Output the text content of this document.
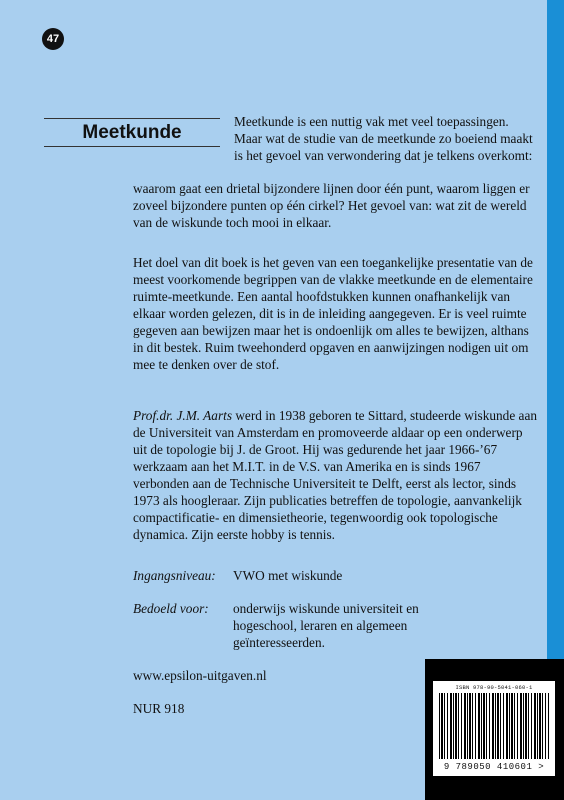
47
Meetkunde

Meetkunde is een nuttig vak met veel toepassingen. Maar wat de studie van de meetkunde zo boeiend maakt is het gevoel van verwondering dat je telkens overkomt:

waarom gaat een drietal bijzondere lijnen door één punt, waarom liggen er zoveel bijzondere punten op één cirkel? Het gevoel van: wat zit de wereld van de wiskunde toch mooi in elkaar.

Het doel van dit boek is het geven van een toegankelijke presentatie van de meest voorkomende begrippen van de vlakke meetkunde en de elementaire ruimte-meetkunde. Een aantal hoofdstukken kunnen onafhankelijk van elkaar worden gelezen, dit is in de inleiding aangegeven. Er is veel ruimte gegeven aan bewijzen maar het is ondoenlijk om alles te bewijzen, althans in dit bestek. Ruim tweehonderd opgaven en aanwijzingen nodigen uit om mee te denken over de stof.

Prof.dr. J.M. Aarts werd in 1938 geboren te Sittard, studeerde wiskunde aan de Universiteit van Amsterdam en promoveerde aldaar op een onderwerp uit de topologie bij J. de Groot. Hij was gedurende het jaar 1966-’67 werkzaam aan het M.I.T. in de V.S. van Amerika en is sinds 1967 verbonden aan de Technische Universiteit te Delft, eerst als lector, sinds 1973 als hoogleraar. Zijn publicaties betreffen de topologie, aanvankelijk compactificatie- en dimensietheorie, tegenwoordig ook topologische dynamica. Zijn eerste hobby is tennis.

Ingangsniveau: VWO met wiskunde
Bedoeld voor: onderwijs wiskunde universiteit en
hogeschool, leraren en algemeen
geïnteresseerden.
www.epsilon-uitgaven.nl
NUR 918
ISBN 978-90-5041-060-1
9 789050 410601 >
